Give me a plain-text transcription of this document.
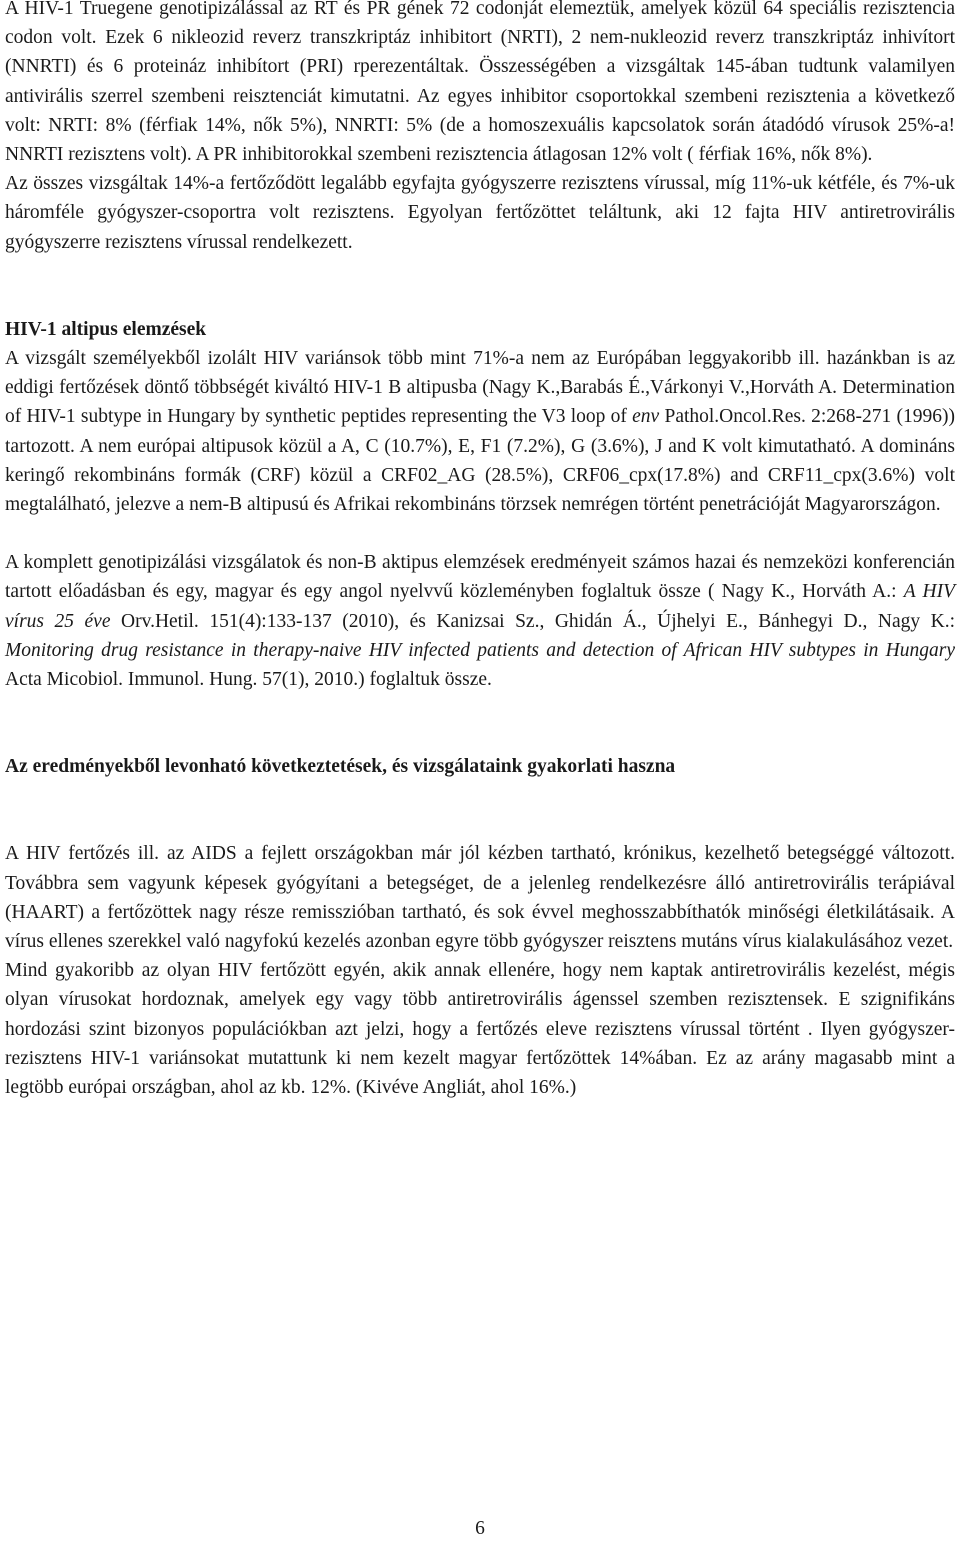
A HIV-1 Truegene genotipizálással az RT és PR gének 72 codonját elemeztük, amelyek közül 64 speciális rezisztencia codon volt. Ezek 6 nikleozid reverz transzkriptáz inhibitort (NRTI), 2 nem-nukleozid reverz transzkriptáz inhivítort (NNRTI) és 6 proteináz inhibítort (PRI) rperezentáltak. Összességében a vizsgáltak 145-ában tudtunk valamilyen antivirális szerrel szembeni reisztenciát kimutatni. Az egyes inhibitor csoportokkal szembeni rezisztenia a következő volt: NRTI: 8% (férfiak 14%, nők 5%), NNRTI: 5% (de a homoszexuális kapcsolatok során átadódó vírusok 25%-a! NNRTI rezisztens volt). A PR inhibitorokkal szembeni rezisztencia átlagosan 12% volt ( férfiak 16%, nők 8%).

Az összes vizsgáltak 14%-a fertőződött legalább egyfajta gyógyszerre rezisztens vírussal, míg 11%-uk kétféle, és 7%-uk háromféle gyógyszer-csoportra volt rezisztens. Egyolyan fertőzöttet teláltunk, aki 12 fajta HIV antiretrovirális gyógyszerre rezisztens vírussal rendelkezett.

HIV-1 altipus elemzések

A vizsgált személyekből izolált HIV variánsok több mint 71%-a nem az Európában leggyakoribb ill. hazánkban is az eddigi fertőzések döntő többségét kiváltó HIV-1 B altipusba (Nagy K.,Barabás É.,Várkonyi V.,Horváth A. Determination of HIV-1 subtype in Hungary by synthetic peptides representing the V3 loop of env Pathol.Oncol.Res. 2:268-271 (1996)) tartozott. A nem európai altipusok közül a A, C (10.7%), E, F1 (7.2%), G (3.6%), J and K volt kimutatható. A domináns keringő rekombináns formák (CRF) közül a CRF02_AG (28.5%), CRF06_cpx(17.8%) and CRF11_cpx(3.6%) volt megtalálható, jelezve a nem-B altipusú és Afrikai rekombináns törzsek nemrégen történt penetrációját Magyarországon.

A komplett genotipizálási vizsgálatok és non-B aktipus elemzések eredményeit számos hazai és nemzeközi konferencián tartott előadásban és egy, magyar és egy angol nyelvvű közleményben foglaltuk össze ( Nagy K., Horváth A.: A HIV vírus 25 éve Orv.Hetil. 151(4):133-137 (2010), és Kanizsai Sz., Ghidán Á., Újhelyi E., Bánhegyi D., Nagy K.: Monitoring drug resistance in therapy-naive HIV infected patients and detection of African HIV subtypes in Hungary Acta Micobiol. Immunol. Hung. 57(1), 2010.) foglaltuk össze.

Az eredményekből levonható következtetések, és vizsgálataink gyakorlati haszna

A HIV fertőzés ill. az AIDS a fejlett országokban már jól kézben tartható, krónikus, kezelhető betegséggé változott. Továbbra sem vagyunk képesek gyógyítani a betegséget, de a jelenleg rendelkezésre álló antiretrovirális terápiával (HAART) a fertőzöttek nagy része remisszióban tartható, és sok évvel meghosszabbíthatók minőségi életkilátásaik. A vírus ellenes szerekkel való nagyfokú kezelés azonban egyre több gyógyszer reisztens mutáns vírus kialakulásához vezet.

Mind gyakoribb az olyan HIV fertőzött egyén, akik annak ellenére, hogy nem kaptak antiretrovirális kezelést, mégis olyan vírusokat hordoznak, amelyek egy vagy több antiretrovirális ágenssel szemben rezisztensek. E szignifikáns hordozási szint bizonyos populációkban azt jelzi, hogy a fertőzés eleve rezisztens vírussal történt . Ilyen gyógyszer-rezisztens HIV-1 variánsokat mutattunk ki nem kezelt magyar fertőzöttek 14%ában. Ez az arány magasabb mint a legtöbb európai országban, ahol az kb. 12%. (Kivéve Angliát, ahol 16%.)

6
